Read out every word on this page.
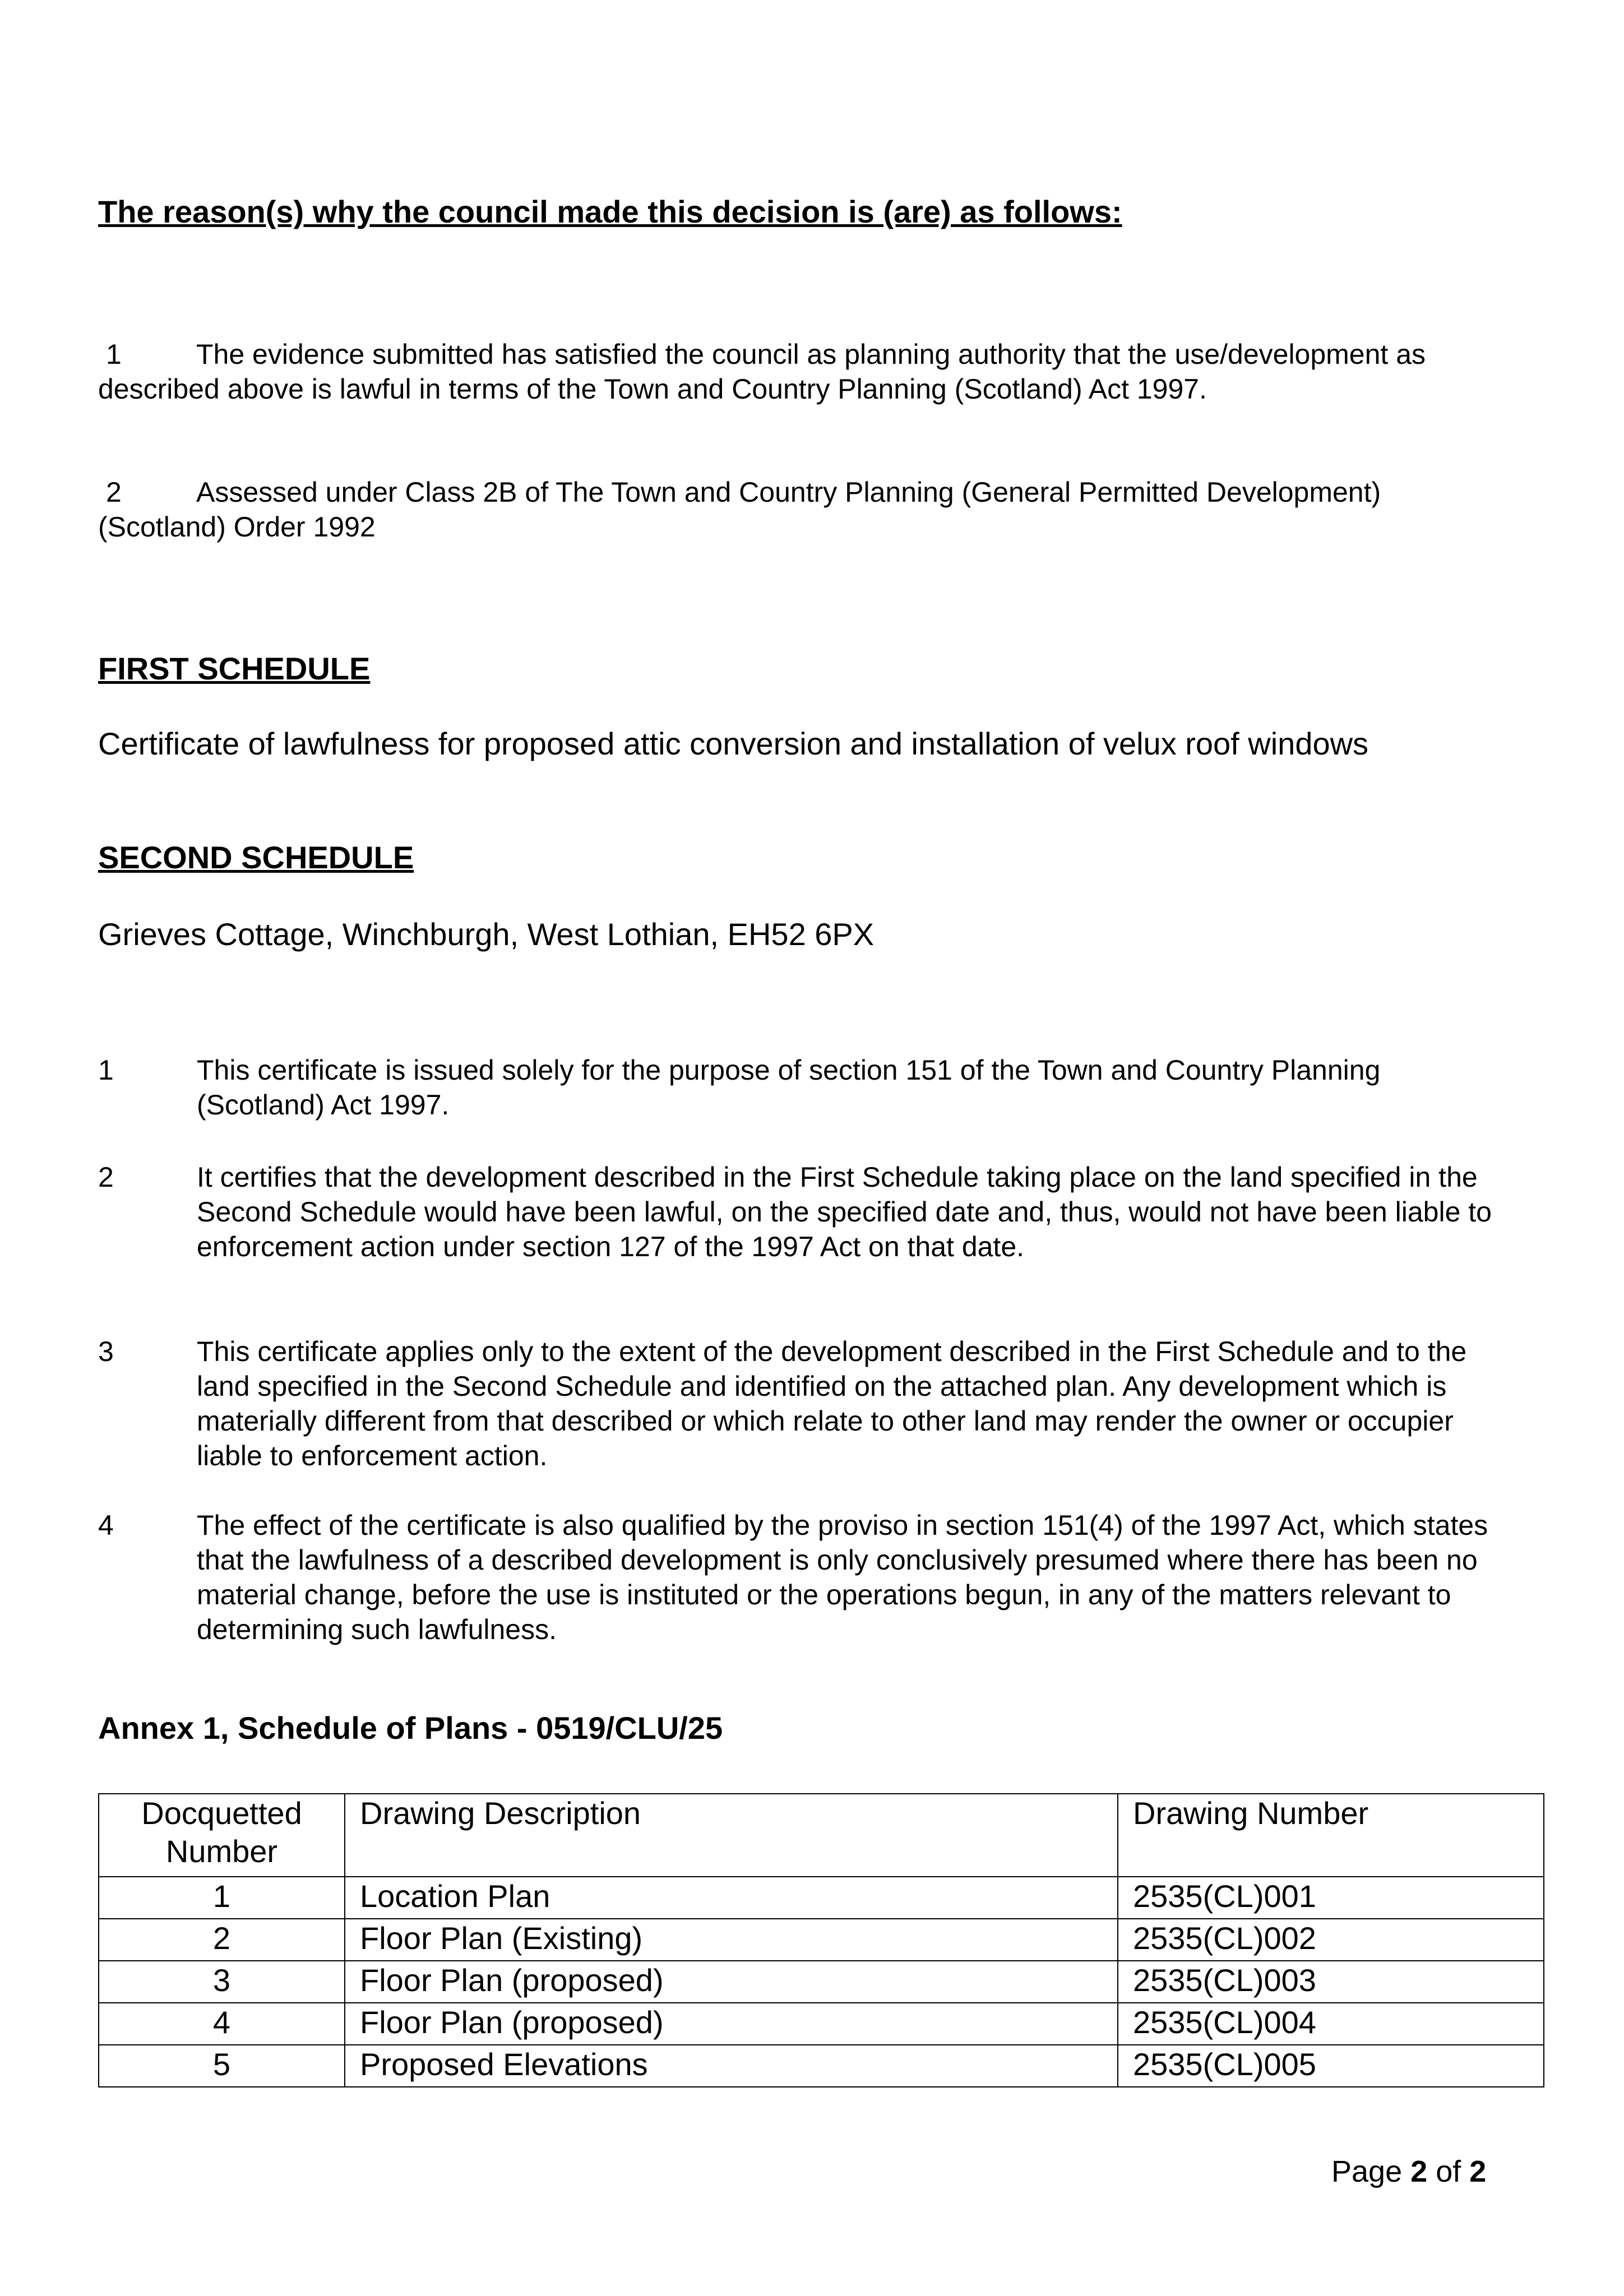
The reason(s) why the council made this decision is (are) as follows:
1	The evidence submitted has satisfied the council as planning authority that the use/development as described above is lawful in terms of the Town and Country Planning (Scotland) Act 1997.
2	Assessed under Class 2B of The Town and Country Planning (General Permitted Development) (Scotland) Order 1992
FIRST SCHEDULE
Certificate of lawfulness for proposed attic conversion and installation of velux roof windows
SECOND SCHEDULE
Grieves Cottage, Winchburgh, West Lothian, EH52 6PX
1	This certificate is issued solely for the purpose of section 151 of the Town and Country Planning (Scotland) Act 1997.
2	It certifies that the development described in the First Schedule taking place on the land specified in the Second Schedule would have been lawful, on the specified date and, thus, would not have been liable to enforcement action under section 127 of the 1997 Act on that date.
3	This certificate applies only to the extent of the development described in the First Schedule and to the land specified in the Second Schedule and identified on the attached plan. Any development which is materially different from that described or which relate to other land may render the owner or occupier liable to enforcement action.
4	The effect of the certificate is also qualified by the proviso in section 151(4) of the 1997 Act, which states that the lawfulness of a described development is only conclusively presumed where there has been no material change, before the use is instituted or the operations begun, in any of the matters relevant to determining such lawfulness.
Annex 1, Schedule of Plans - 0519/CLU/25
Docquetted Number	Drawing Description	Drawing Number
1	Location Plan	2535(CL)001
2	Floor Plan (Existing)	2535(CL)002
3	Floor Plan (proposed)	2535(CL)003
4	Floor Plan (proposed)	2535(CL)004
5	Proposed Elevations	2535(CL)005
Page 2 of 2
